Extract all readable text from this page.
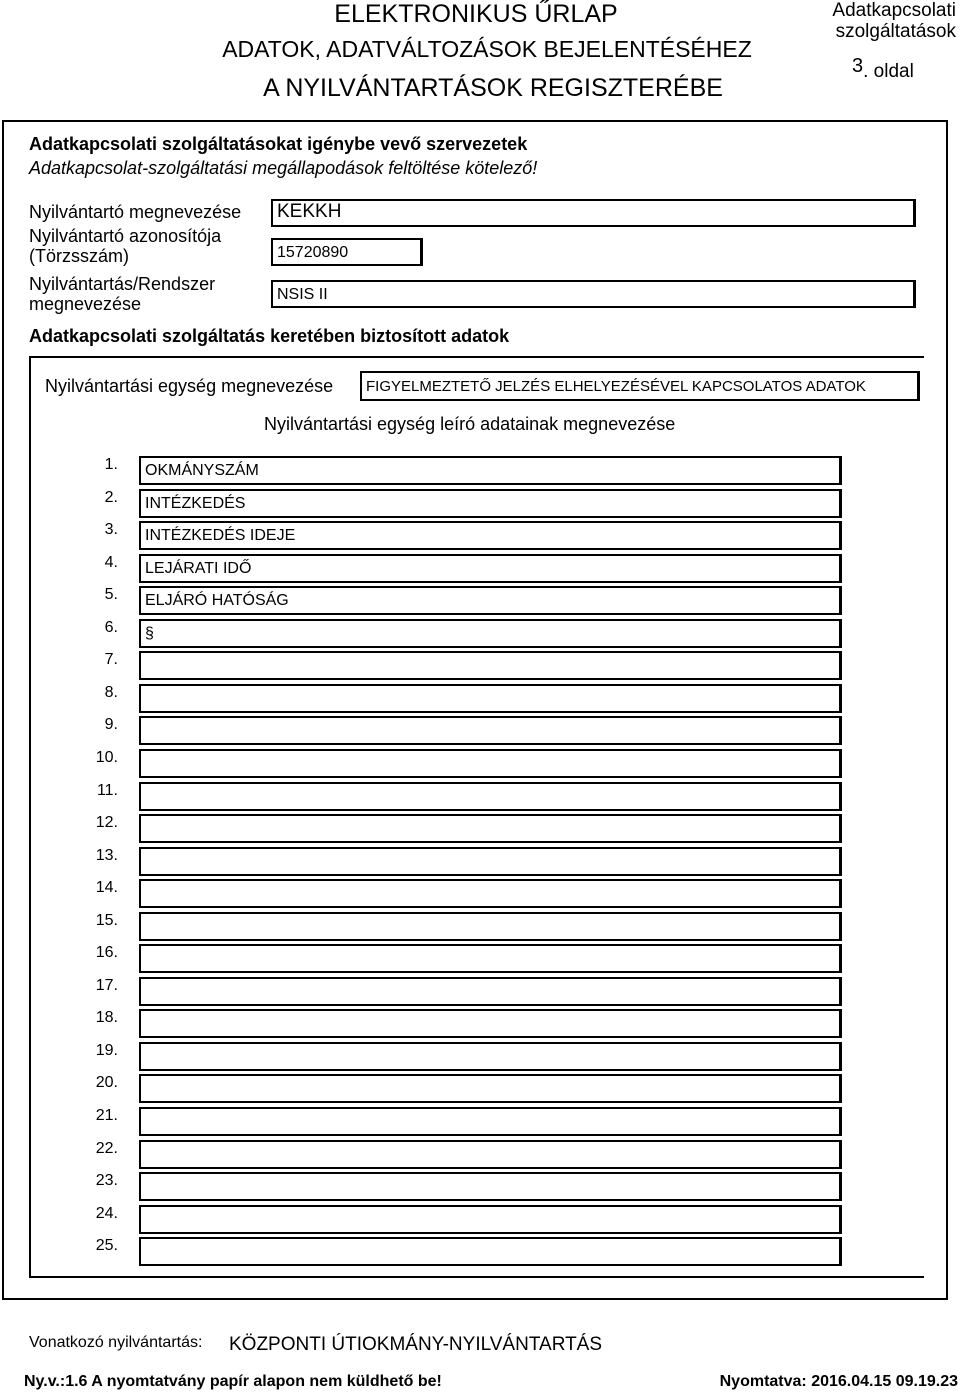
ELEKTRONIKUS ŰRLAP
ADATOK, ADATVÁLTOZÁSOK BEJELENTÉSÉHEZ
A NYILVÁNTARTÁSOK REGISZTERÉBE
Adatkapcsolati
szolgáltatások
3. oldal
Adatkapcsolati szolgáltatásokat igénybe vevő szervezetek
Adatkapcsolat-szolgáltatási megállapodások feltöltése kötelező!
Nyilvántartó megnevezése KEKKH
Nyilvántartó azonosítója
(Törzsszám)	15720890
Nyilvántartás/Rendszer
megnevezése	NSIS II
Adatkapcsolati szolgáltatás keretében biztosított adatok
Nyilvántartási egység megnevezése FIGYELMEZTETŐ JELZÉS ELHELYEZÉSÉVEL KAPCSOLATOS ADATOK
Nyilvántartási egység leíró adatainak megnevezése
1. OKMÁNYSZÁM
2. INTÉZKEDÉS
3. INTÉZKEDÉS IDEJE
4. LEJÁRATI IDŐ
5. ELJÁRÓ HATÓSÁG
6. §
7.
8.
9.
10.
11.
12.
13.
14.
15.
16.
17.
18.
19.
20.
21.
22.
23.
24.
25.
Vonatkozó nyilvántartás: KÖZPONTI ÚTIOKMÁNY-NYILVÁNTARTÁS
Ny.v.:1.6 A nyomtatvány papír alapon nem küldhető be!	Nyomtatva: 2016.04.15 09.19.23
